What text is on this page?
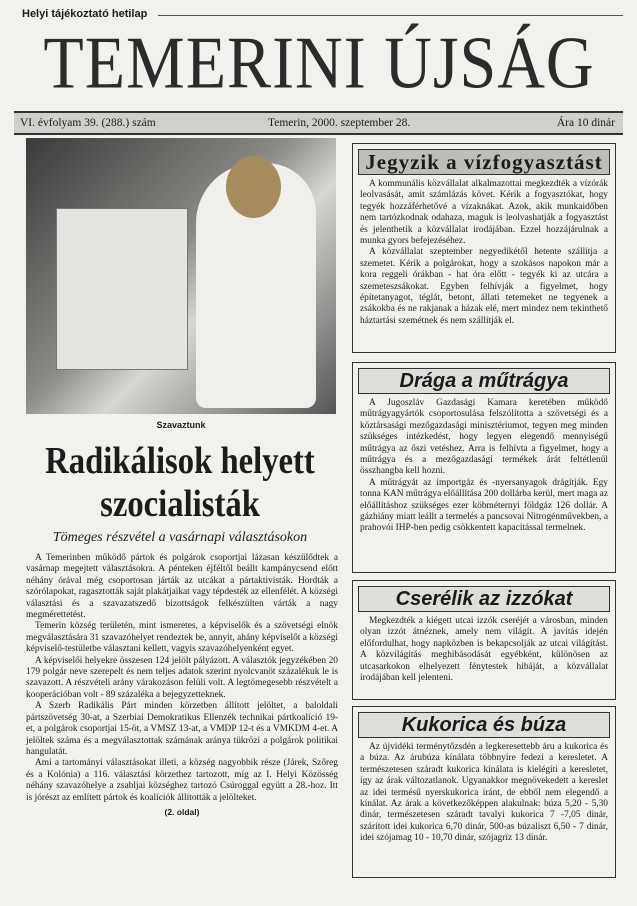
Helyi tájékoztató hetilap
TEMERINI ÚJSÁG
VI. évfolyam 39. (288.) szám	Temerin, 2000. szeptember 28.	Ára 10 dinár
Szavaztunk
Radikálisok helyett
szocialisták
Tömeges részvétel a vasárnapi választásokon

A Temerinben működő pártok és polgárok csoportjai lázasan készülődtek a vasárnap megejtett választásokra. A pénteken éjféltől beállt kampánycsend előtt néhány órával még csoportosan járták az utcákat a pártaktivisták. Hordták a szórólapokat, ragasztották saját plakátjaikat vagy tépdesték az ellenfélét. A községi választási és a szavazatszedő bizottságok felkészülten várták a nagy megmérettetést.

Temerin község területén, mint ismeretes, a képviselők és a szövetségi elnök megválasztására 31 szavazóhelyet rendeztek be, annyit, ahány képviselőt a községi képviselő-testületbe választani kellett, vagyis szavazóhelyenként egyet.

A képviselői helyekre összesen 124 jelölt pályázott. A választók jegyzékében 20 179 polgár neve szerepelt és nem teljes adatok szerint nyolcvanöt százalékuk le is szavazott. A részvételi arány várakozáson felüli volt. A legtömegesebb részvételt a kooperációban volt - 89 százaléka a bejegyzetteknek.

A Szerb Radikális Párt minden körzetben állított jelöltet, a baloldali pártszövetség 30-at, a Szerbiai Demokratikus Ellenzék technikai pártkoalíció 19-et, a polgárok csoportjai 15-öt, a VMSZ 13-at, a VMDP 12-t és a VMKDM 4-et. A jelöltek száma és a megválasztottak számának aránya tükrözi a polgárok politikai hangulatát.

Ami a tartományi választásokat illeti, a község nagyobbik része (Járek, Szőreg és a Kolónia) a 116. választási körzethez tartozott, míg az I. Helyi Közösség néhány szavazóhelye a zsabljai községhez tartozó Csúroggal együtt a 28.-hoz. Itt is jórészt az említett pártok és koalíciók állították a jelölteket.

(2. oldal)
Jegyzik a vízfogyasztást

A kommunális közvállalat alkalmazottai megkezdték a vízórák leolvasását, amit számlázás követ. Kérik a fogyasztókat, hogy tegyék hozzáférhetővé a vízaknákat. Azok, akik munkaidőben nem tartózkodnak odahaza, maguk is leolvashatják a fogyasztást és jelenthetik a közvállalat irodájában. Ezzel hozzájárulnak a munka gyors befejezéséhez.

A közvállalat szeptember negyedikétől hetente szállítja a szemetet. Kérik a polgárokat, hogy a szokásos napokon már a kora reggeli órákban - hat óra előtt - tegyék ki az utcára a szemeteszsákokat. Egyben felhívják a figyelmet, hogy építetanyagot, téglát, betont, állati tetemeket ne tegyenek a zsákokba és ne rakjanak a házak elé, mert mindez nem tekinthető háztartási szemétnek és nem szállítják el.

Drága a műtrágya

A Jugoszláv Gazdasági Kamara keretében működő műtrágyagyártók csoportosulása felszólította a szövetségi és a köztársasági mezőgazdasági minisztériumot, tegyen meg minden szükséges intézkedést, hogy legyen elegendő mennyiségű műtrágya az őszi vetéshez. Arra is felhívta a figyelmet, hogy a műtrágya és a mezőgazdasági termékek árát feltétlenül összhangba kell hozni.

A műtrágyát az importgáz és -nyersanyagok drágítják. Egy tonna KAN műtrágya előállítása 200 dollárba kerül, mert maga az előállításhoz szükséges ezer köbméternyi földgáz 126 dollár. A gázhiány miatt leállt a termelés a pancsovai Nitrogénművekben, a prahovói IHP-ben pedig csökkentett kapacitással termelnek.

Cserélik az izzókat

Megkezdték a kiégett utcai izzók cseréjét a városban, minden olyan izzót átnéznek, amely nem világít. A javítás idején előfordulhat, hogy napközben is bekapcsolják az utcai világítást. A közvilágítás meghibásodását egyébként, különösen az utcasarkokon elhelyezett fénytestek hibáját, a közvállalat irodájában kell jelenteni.

Kukorica és búza

Az újvidéki terménytőzsdén a legkeresettebb áru a kukorica és a búza. Az árubúza kínálata többnyire fedezi a keresletet. A természetesen száradt kukorica kínálata is kielégíti a keresletet, így az árak változatlanok. Ugyanakkor megnövekedett a kereslet az idei termésű nyerskukorica iránt, de ebből nem elegendő a kínálat. Az árak a következőképpen alakulnak: búza 5,20 - 5,30 dinár, természetesen száradt tavalyi kukorica 7 -7,05 dinár, szárított idei kukorica 6,70 dinár, 500-as búzaliszt 6,50 - 7 dinár, idei szójamag 10 - 10,70 dinár, szójagríz 13 dinár.
